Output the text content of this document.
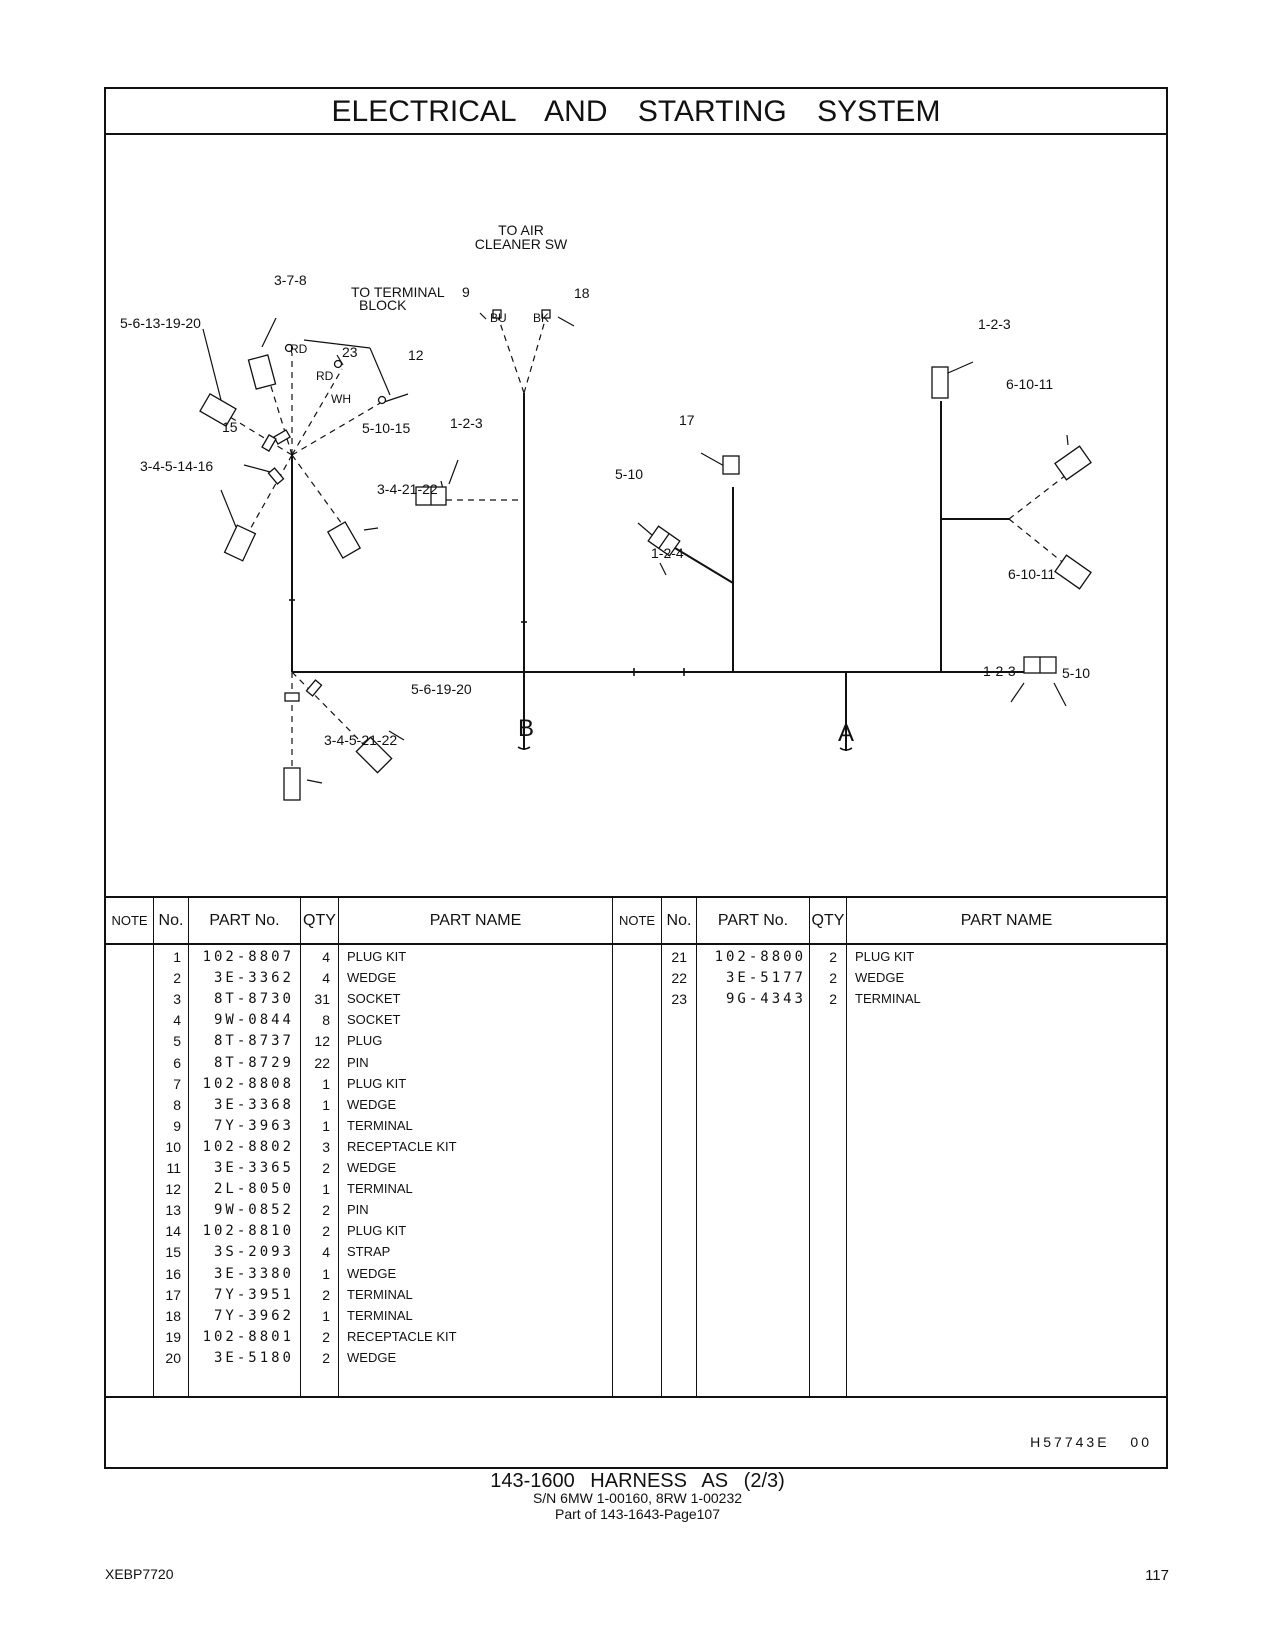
ELECTRICAL AND STARTING SYSTEM
TO AIR
CLEANER SW
TO TERMINAL
BLOCK
3-7-8
5-6-13-19-20
RD
RD
WH
23	12
9	18
BU BK
15	5-10-15	1-2-3
3-4-5-14-16
3-4-21-22
17
5-10
1-2-4
1-2-3
6-10-11
6-10-11
1-2-3	5-10
5-6-19-20
3-4-5-21-22	B	A
NOTE No.	PART No.	QTY	PART NAME	NOTE No.	PART No.	QTY	PART NAME
1	102-8807	4 PLUG KIT
2	3E-3362	4 WEDGE
3	8T-8730	31 SOCKET
4	9W-0844	8 SOCKET
5	8T-8737	12 PLUG
6	8T-8729	22 PIN
7	102-8808	1 PLUG KIT
8	3E-3368	1 WEDGE
9	7Y-3963	1 TERMINAL
10	102-8802	3 RECEPTACLE KIT
11	3E-3365	2 WEDGE
12	2L-8050	1 TERMINAL
13	9W-0852	2 PIN
14	102-8810	2 PLUG KIT
15	3S-2093	4 STRAP
16	3E-3380	1 WEDGE
17	7Y-3951	2 TERMINAL
18	7Y-3962	1 TERMINAL
19	102-8801	2 RECEPTACLE KIT
20	3E-5180	2 WEDGE
21	102-8800	2 PLUG KIT
22	3E-5177	2 WEDGE
23	9G-4343	2 TERMINAL
H57743E 00
143-1600 HARNESS AS (2/3)
S/N 6MW 1-00160, 8RW 1-00232
Part of 143-1643-Page107
XEBP7720	117
